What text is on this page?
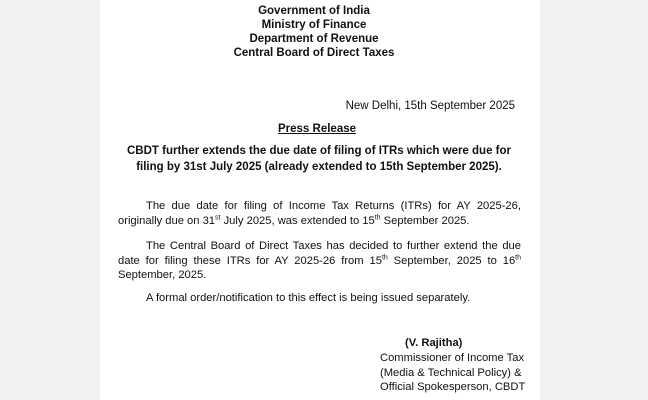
Government of India
Ministry of Finance
Department of Revenue
Central Board of Direct Taxes
New Delhi, 15th September 2025
Press Release
CBDT further extends the due date of filing of ITRs which were due for filing by 31st July 2025 (already extended to 15th September 2025).
The due date for filing of Income Tax Returns (ITRs) for AY 2025-26, originally due on 31st July 2025, was extended to 15th September 2025.
The Central Board of Direct Taxes has decided to further extend the due date for filing these ITRs for AY 2025-26 from 15th September, 2025 to 16th September, 2025.
A formal order/notification to this effect is being issued separately.
(V. Rajitha)
Commissioner of Income Tax
(Media & Technical Policy) &
Official Spokesperson, CBDT
